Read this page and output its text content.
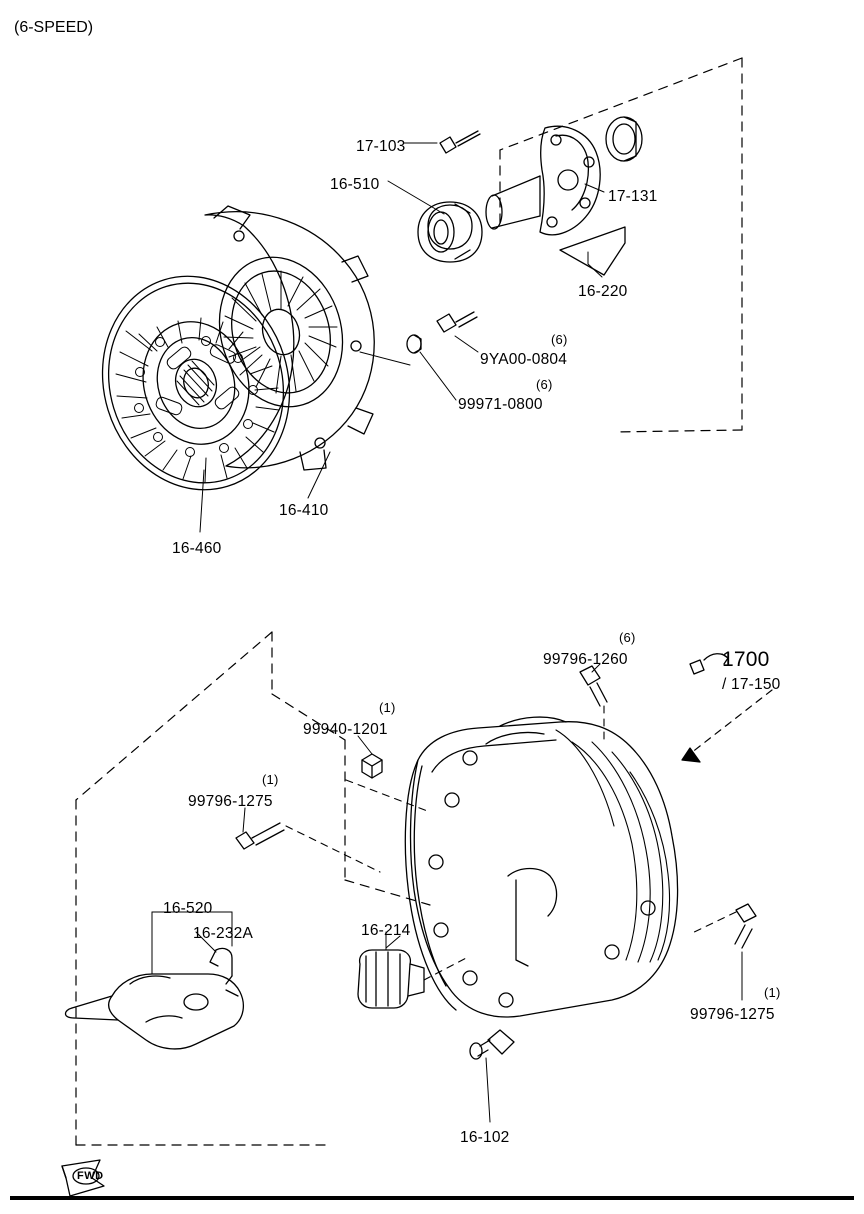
(6-SPEED)
17-103
16-510
17-131
16-220
(6)
9YA00-0804
(6)
99971-0800
16-410
16-460
(6)
99796-1260
(1)
99940-1201
(1)
99796-1275
16-520
16-232A	16-214
(1)
99796-1275
16-102
1700
/ 17-150
FWD
